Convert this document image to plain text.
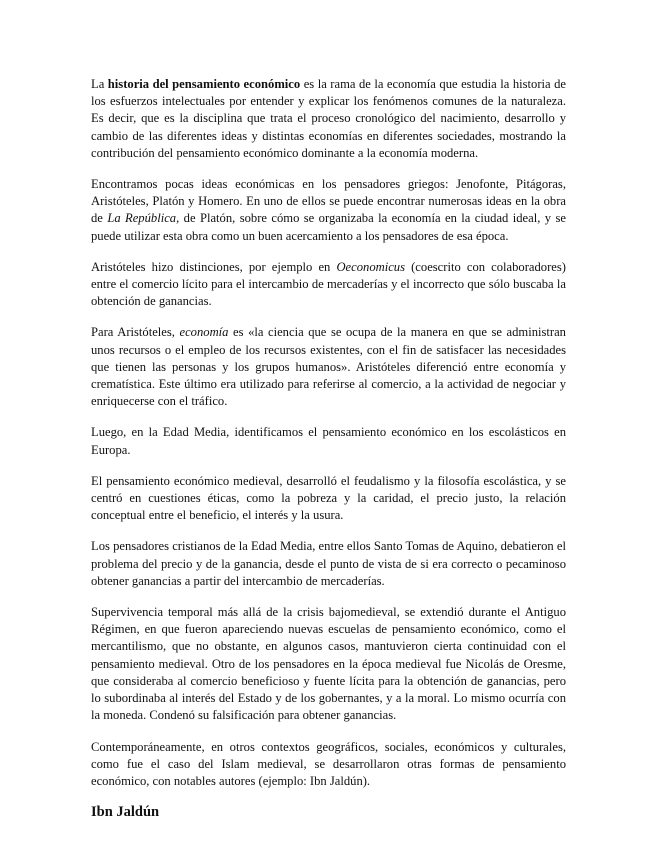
La historia del pensamiento económico es la rama de la economía que estudia la historia de los esfuerzos intelectuales por entender y explicar los fenómenos comunes de la naturaleza. Es decir, que es la disciplina que trata el proceso cronológico del nacimiento, desarrollo y cambio de las diferentes ideas y distintas economías en diferentes sociedades, mostrando la contribución del pensamiento económico dominante a la economía moderna.

Encontramos pocas ideas económicas en los pensadores griegos: Jenofonte, Pitágoras, Aristóteles, Platón y Homero. En uno de ellos se puede encontrar numerosas ideas en la obra de La República, de Platón, sobre cómo se organizaba la economía en la ciudad ideal, y se puede utilizar esta obra como un buen acercamiento a los pensadores de esa época.

Aristóteles hizo distinciones, por ejemplo en Oeconomicus (coescrito con colaboradores) entre el comercio lícito para el intercambio de mercaderías y el incorrecto que sólo buscaba la obtención de ganancias.

Para Aristóteles, economía es «la ciencia que se ocupa de la manera en que se administran unos recursos o el empleo de los recursos existentes, con el fin de satisfacer las necesidades que tienen las personas y los grupos humanos». Aristóteles diferenció entre economía y crematística. Este último era utilizado para referirse al comercio, a la actividad de negociar y enriquecerse con el tráfico.

Luego, en la Edad Media, identificamos el pensamiento económico en los escolásticos en Europa.

El pensamiento económico medieval, desarrolló el feudalismo y la filosofía escolástica, y se centró en cuestiones éticas, como la pobreza y la caridad, el precio justo, la relación conceptual entre el beneficio, el interés y la usura.

Los pensadores cristianos de la Edad Media, entre ellos Santo Tomas de Aquino, debatieron el problema del precio y de la ganancia, desde el punto de vista de si era correcto o pecaminoso obtener ganancias a partir del intercambio de mercaderías.

Supervivencia temporal más allá de la crisis bajomedieval, se extendió durante el Antiguo Régimen, en que fueron apareciendo nuevas escuelas de pensamiento económico, como el mercantilismo, que no obstante, en algunos casos, mantuvieron cierta continuidad con el pensamiento medieval. Otro de los pensadores en la época medieval fue Nicolás de Oresme, que consideraba al comercio beneficioso y fuente lícita para la obtención de ganancias, pero lo subordinaba al interés del Estado y de los gobernantes, y a la moral. Lo mismo ocurría con la moneda. Condenó su falsificación para obtener ganancias.

Contemporáneamente, en otros contextos geográficos, sociales, económicos y culturales, como fue el caso del Islam medieval, se desarrollaron otras formas de pensamiento económico, con notables autores (ejemplo: Ibn Jaldún).

Ibn Jaldún
